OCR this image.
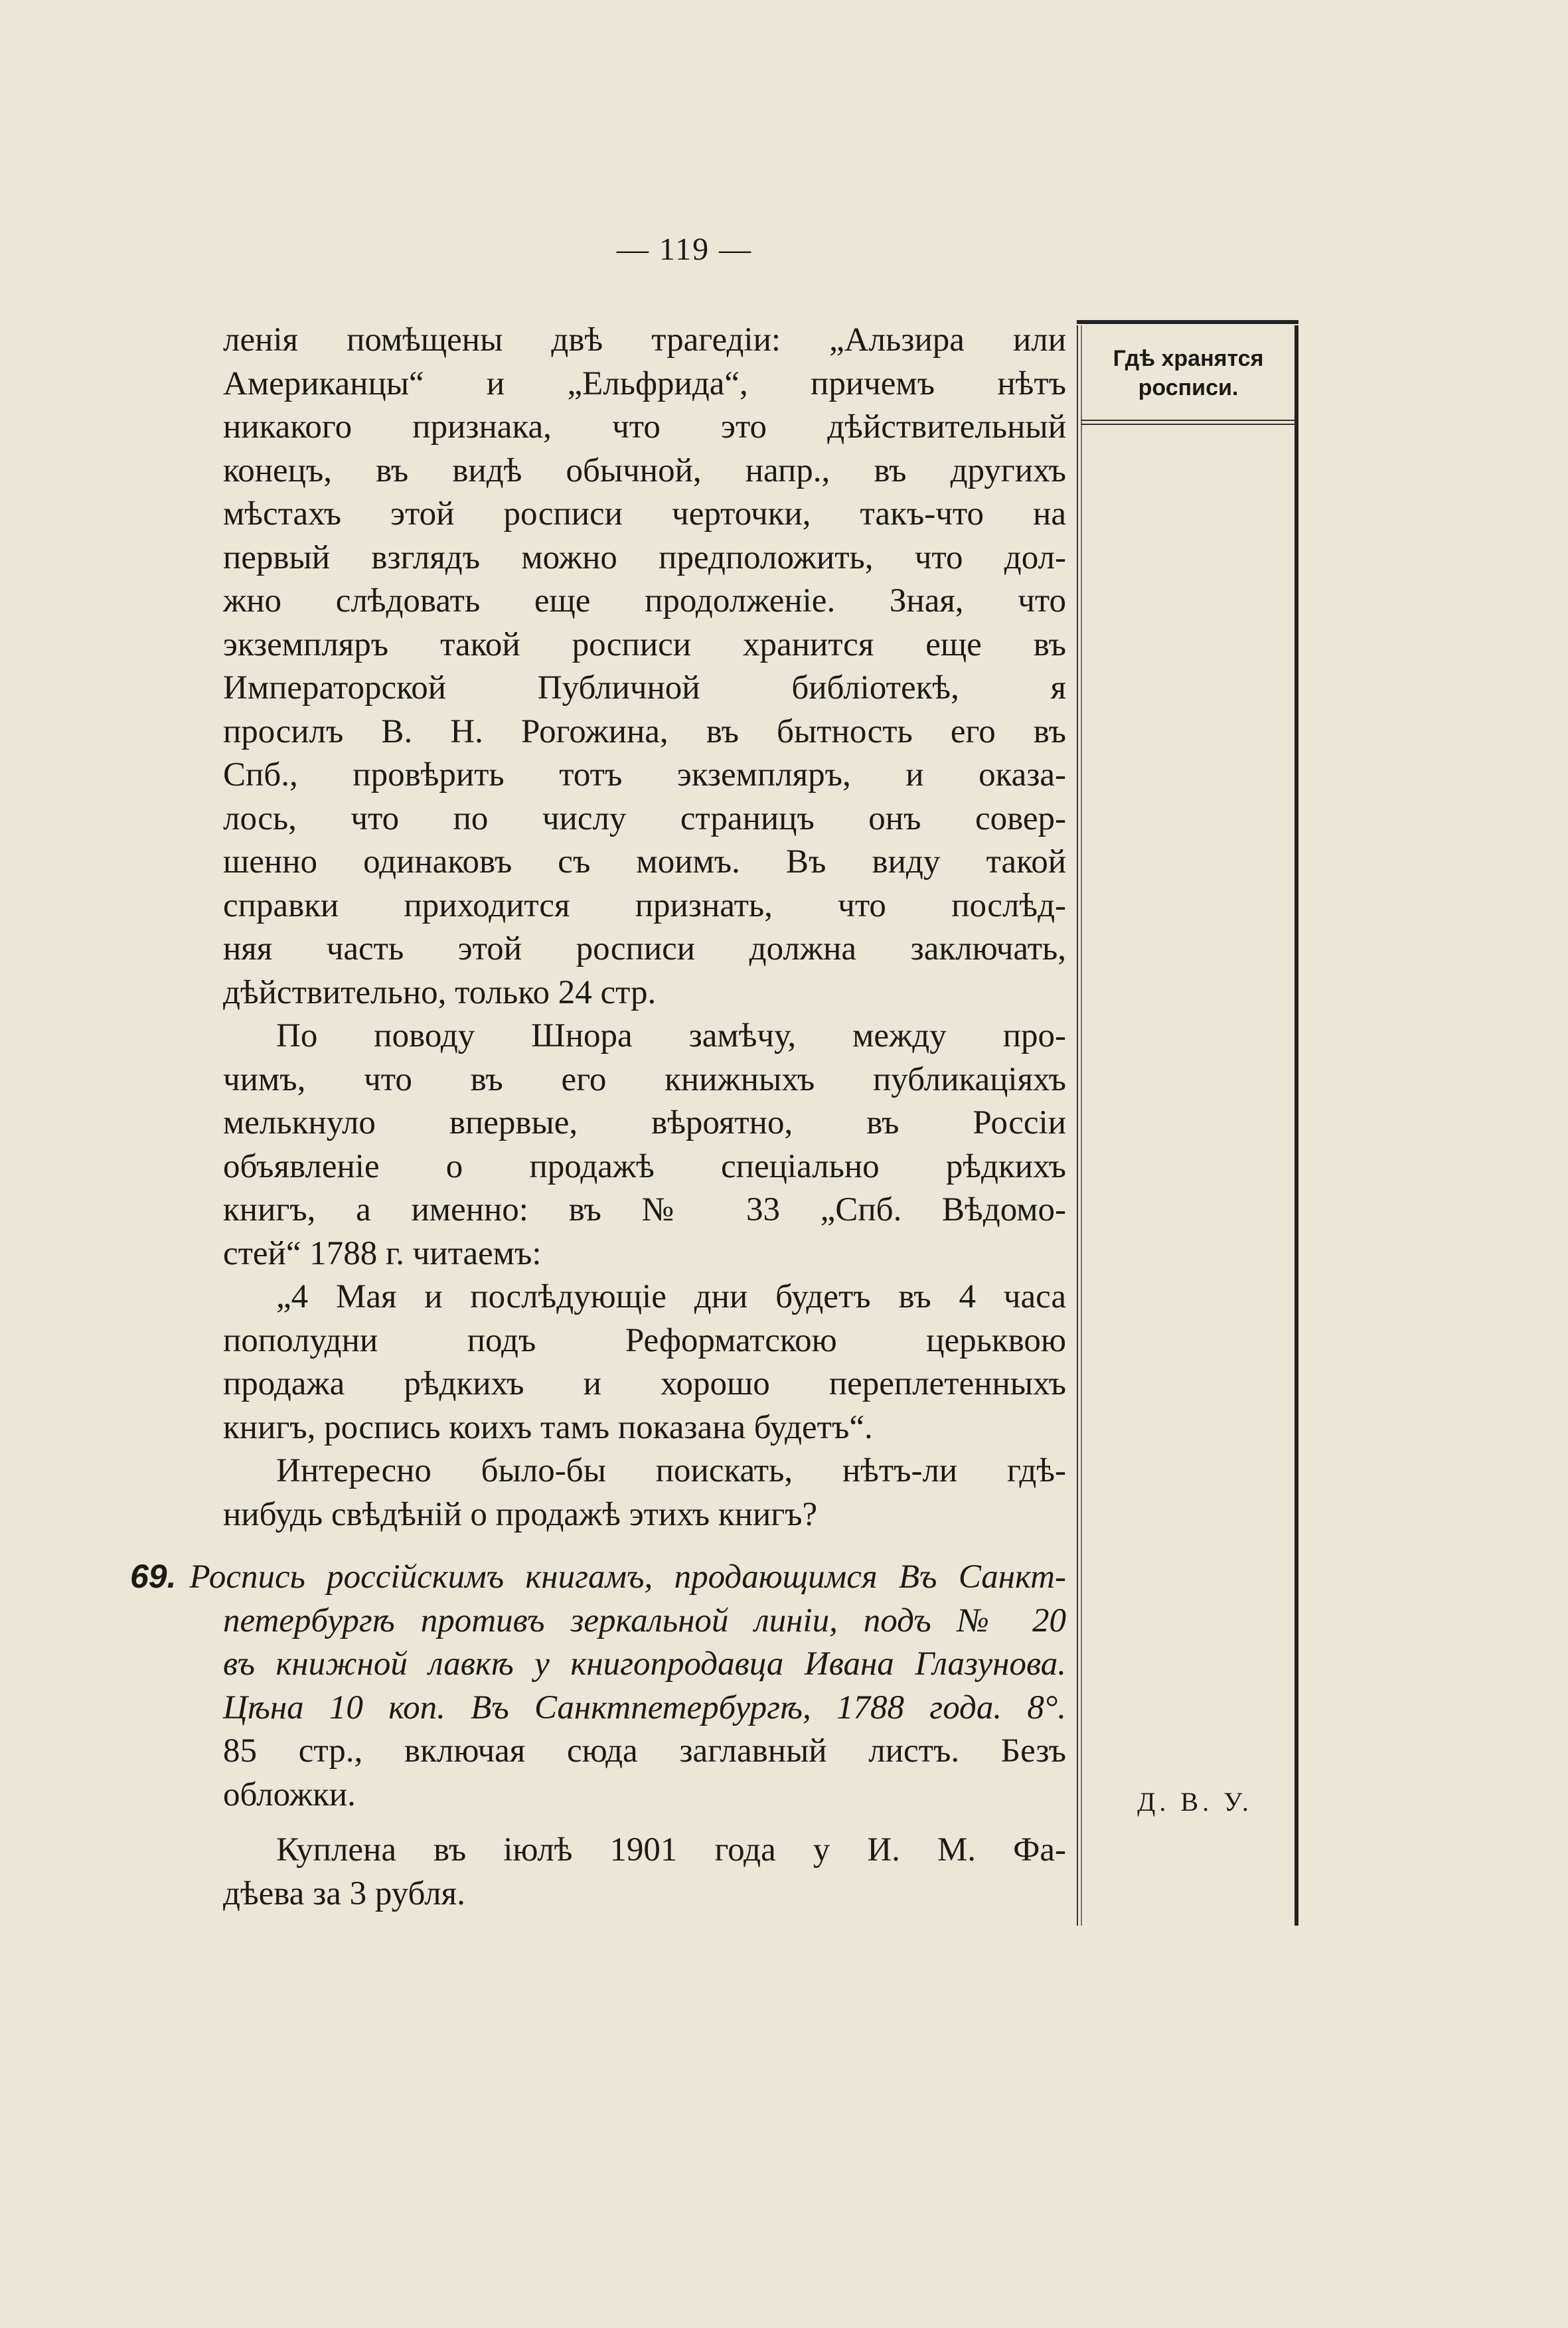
— 119 —
Гдѣ хранятся
росписи.
Д. В. У.
ленія помѣщены двѣ трагедіи: „Альзира или
Американцы“ и „Ельфрида“, причемъ нѣтъ
никакого признака, что это дѣйствительный
конецъ, въ видѣ обычной, напр., въ другихъ
мѣстахъ этой росписи черточки, такъ-что на
первый взглядъ можно предположить, что дол-
жно слѣдовать еще продолженіе. Зная, что
экземпляръ такой росписи хранится еще въ
Императорской Публичной библіотекѣ, я
просилъ В. Н. Рогожина, въ бытность его въ
Спб., провѣрить тотъ экземпляръ, и оказа-
лось, что по числу страницъ онъ совер-
шенно одинаковъ съ моимъ. Въ виду такой
справки приходится признать, что послѣд-
няя часть этой росписи должна заключать,
дѣйствительно, только 24 стр.
По поводу Шнора замѣчу, между про-
чимъ, что въ его книжныхъ публикаціяхъ
мелькнуло впервые, вѣроятно, въ Россіи
объявленіе о продажѣ спеціально рѣдкихъ
книгъ, а именно: въ № 33 „Спб. Вѣдомо-
стей“ 1788 г. читаемъ:
„4 Мая и послѣдующіе дни будетъ въ 4 часа
пополудни подъ Реформатскою церьквою
продажа рѣдкихъ и хорошо переплетенныхъ
книгъ, роспись коихъ тамъ показана будетъ“.
Интересно было-бы поискать, нѣтъ-ли гдѣ-
нибудь свѣдѣній о продажѣ этихъ книгъ?
69. Роспись россійскимъ книгамъ, продающимся Въ Санкт-
петербургѣ противъ зеркальной линіи, подъ № 20
въ книжной лавкѣ у книгопродавца Ивана Глазунова.
Цѣна 10 коп. Въ Санктпетербургѣ, 1788 года. 8°.
85 стр., включая сюда заглавный листъ. Безъ
обложки.
Куплена въ іюлѣ 1901 года у И. М. Фа-
дѣева за 3 рубля.
